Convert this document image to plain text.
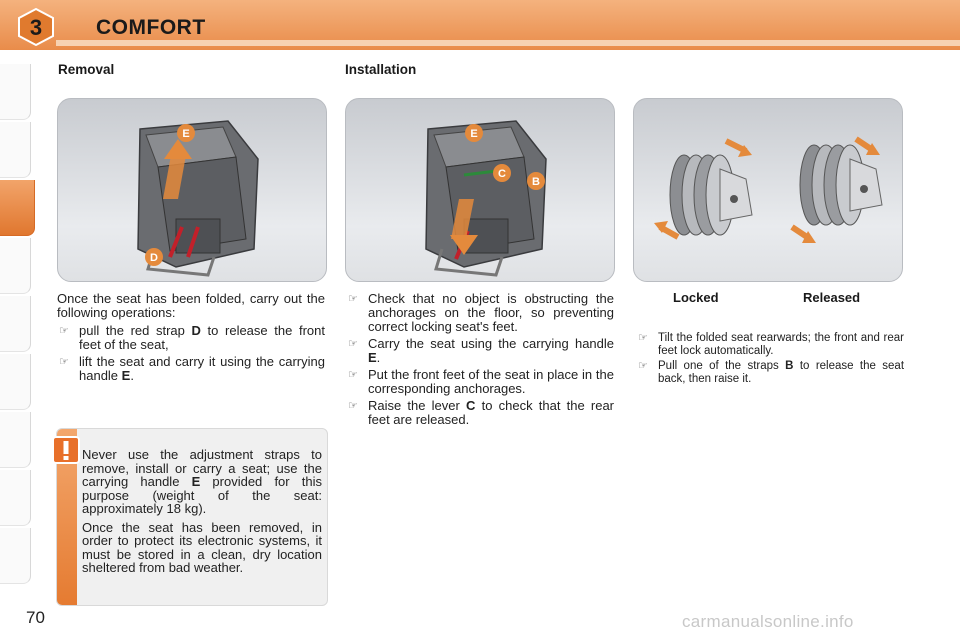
3	COMFORT
Removal	Installation
E
D
E
C
B

Once the seat has been folded, carry out the following operations:

☞ pull the red strap D to release the front feet of the seat,
☞ lift the seat and carry it using the carrying handle E.
☞ Check that no object is obstructing the anchorages on the floor, so preventing correct locking seat's feet.
☞ Carry the seat using the carrying handle E.
☞ Put the front feet of the seat in place in the corresponding anchorages.
☞ Raise the lever C to check that the rear feet are released.
Locked	Released
☞ Tilt the folded seat rearwards; the front and rear feet lock automatically.
☞ Pull one of the straps B to release the seat back, then raise it.

Never use the adjustment straps to remove, install or carry a seat; use the carrying handle E provided for this purpose (weight of the seat: approximately 18 kg).

Once the seat has been removed, in order to protect its electronic systems, it must be stored in a clean, dry location sheltered from bad weather.

70	carmanualsonline.info
